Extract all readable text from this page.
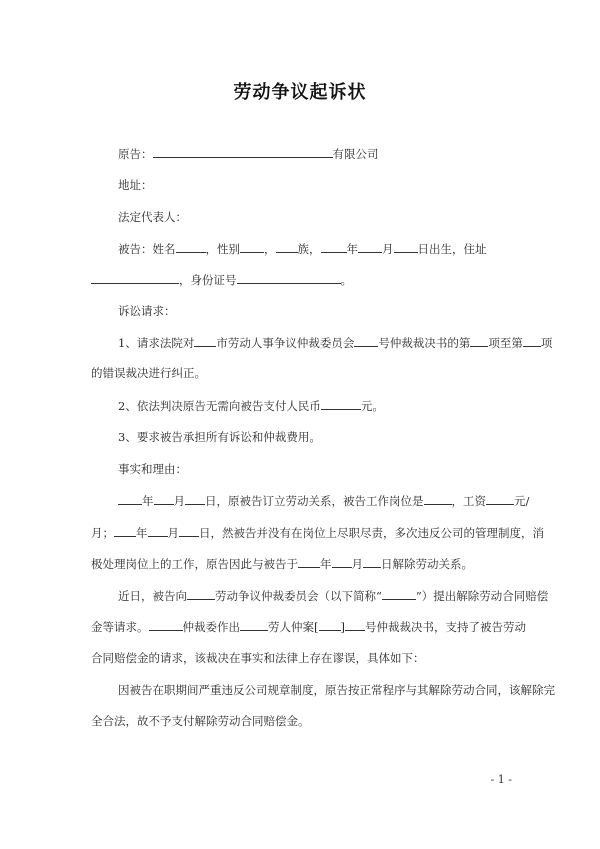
劳动争议起诉状
原告：	有限公司
地址：
法定代表人：
被告：姓名	，性别 ， 族， 年 月 日出生，住址
，身份证号	。
诉讼请求：
1、请求法院对 市劳动人事争议仲裁委员会 号仲裁裁决书的第 项至第 项
的错误裁决进行纠正。
2、依法判决原告无需向被告支付人民币	元。
3、要求被告承担所有诉讼和仲裁费用。
事实和理由：
年 月 日，原被告订立劳动关系，被告工作岗位是 ，工资 元/
月； 年 月 日，然被告并没有在岗位上尽职尽责，多次违反公司的管理制度，消
极处理岗位上的工作，原告因此与被告于 年 月 日解除劳动关系。
近日，被告向 劳动争议仲裁委员会（以下简称“	”）提出解除劳动合同赔偿
金等请求。	仲裁委作出 劳人仲案[ ] 号仲裁裁决书，支持了被告劳动
合同赔偿金的请求，该裁决在事实和法律上存在谬误，具体如下：
因被告在职期间严重违反公司规章制度，原告按正常程序与其解除劳动合同，该解除完
全合法，故不予支付解除劳动合同赔偿金。
- 1 -
